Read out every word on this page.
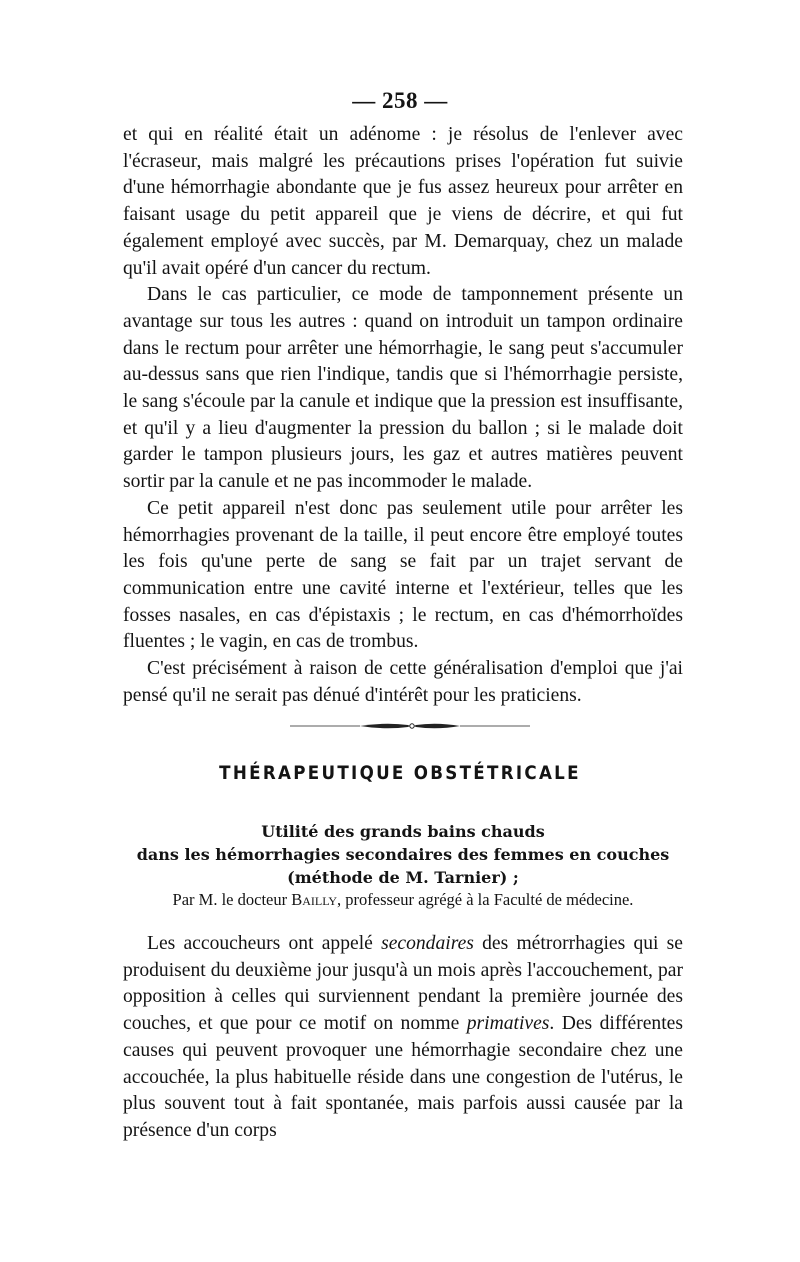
— 258 —

et qui en réalité était un adénome : je résolus de l'enlever avec l'écraseur, mais malgré les précautions prises l'opération fut suivie d'une hémorrhagie abondante que je fus assez heureux pour arrêter en faisant usage du petit appareil que je viens de décrire, et qui fut également employé avec succès, par M. Demarquay, chez un malade qu'il avait opéré d'un cancer du rectum.

Dans le cas particulier, ce mode de tamponnement présente un avantage sur tous les autres : quand on introduit un tampon ordinaire dans le rectum pour arrêter une hémorrhagie, le sang peut s'accumuler au-dessus sans que rien l'indique, tandis que si l'hémorrhagie persiste, le sang s'écoule par la canule et indique que la pression est insuffisante, et qu'il y a lieu d'augmenter la pression du ballon ; si le malade doit garder le tampon plusieurs jours, les gaz et autres matières peuvent sortir par la canule et ne pas incommoder le malade.

Ce petit appareil n'est donc pas seulement utile pour arrêter les hémorrhagies provenant de la taille, il peut encore être employé toutes les fois qu'une perte de sang se fait par un trajet servant de communication entre une cavité interne et l'extérieur, telles que les fosses nasales, en cas d'épistaxis ; le rectum, en cas d'hémorrhoïdes fluentes ; le vagin, en cas de trombus.

C'est précisément à raison de cette généralisation d'emploi que j'ai pensé qu'il ne serait pas dénué d'intérêt pour les praticiens.

THÉRAPEUTIQUE OBSTÉTRICALE
Utilité des grands bains chauds
dans les hémorrhagies secondaires des femmes en couches
(méthode de M. Tarnier) ;
Par M. le docteur Bailly, professeur agrégé à la Faculté de médecine.

Les accoucheurs ont appelé secondaires des métrorrhagies qui se produisent du deuxième jour jusqu'à un mois après l'accouchement, par opposition à celles qui surviennent pendant la première journée des couches, et que pour ce motif on nomme primatives. Des différentes causes qui peuvent provoquer une hémorrhagie secondaire chez une accouchée, la plus habituelle réside dans une congestion de l'utérus, le plus souvent tout à fait spontanée, mais parfois aussi causée par la présence d'un corps
